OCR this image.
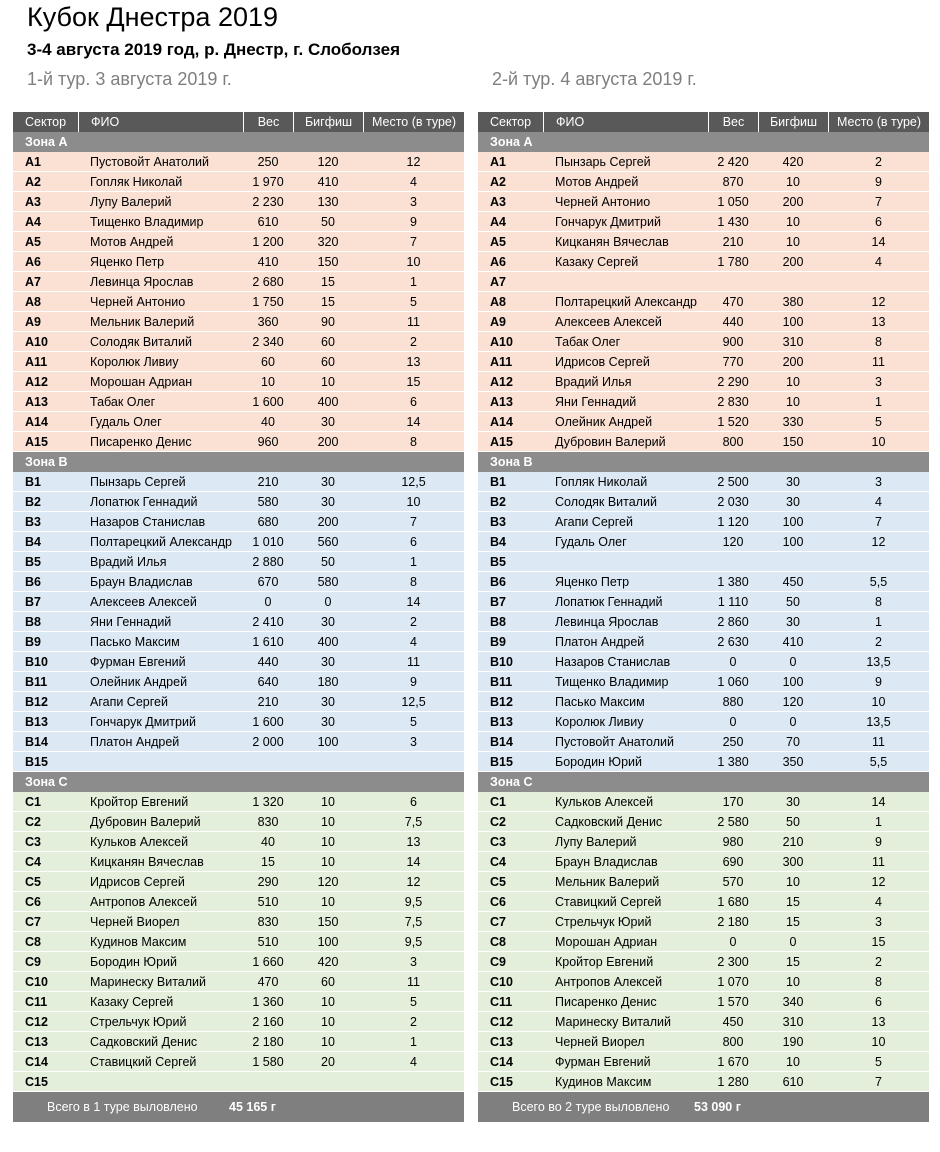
Кубок Днестра 2019
3-4 августа 2019 год, р. Днестр, г. Слоболзея
1-й тур. 3 августа 2019 г.	2-й тур. 4 августа 2019 г.
Сектор	ФИО	Вес	Бигфиш	Место (в туре)
Зона А
A1	Пустовойт Анатолий	250	120	12
A2	Гопляк Николай	1 970	410	4
A3	Лупу Валерий	2 230	130	3
A4	Тищенко Владимир	610	50	9
A5	Мотов Андрей	1 200	320	7
A6	Яценко Петр	410	150	10
A7	Левинца Ярослав	2 680	15	1
A8	Черней Антонио	1 750	15	5
A9	Мельник Валерий	360	90	11
A10	Солодяк Виталий	2 340	60	2
A11	Королюк Ливиу	60	60	13
A12	Морошан Адриан	10	10	15
A13	Табак Олег	1 600	400	6
A14	Гудаль Олег	40	30	14
A15	Писаренко Денис	960	200	8
Зона В
B1	Пынзарь Сергей	210	30	12,5
B2	Лопатюк Геннадий	580	30	10
B3	Назаров Станислав	680	200	7
B4	Полтарецкий Александр	1 010	560	6
B5	Врадий Илья	2 880	50	1
B6	Браун Владислав	670	580	8
B7	Алексеев Алексей	0	0	14
B8	Яни Геннадий	2 410	30	2
B9	Пасько Максим	1 610	400	4
B10	Фурман Евгений	440	30	11
B11	Олейник Андрей	640	180	9
B12	Агапи Сергей	210	30	12,5
B13	Гончарук Дмитрий	1 600	30	5
B14	Платон Андрей	2 000	100	3
B15
Зона С
C1	Кройтор Евгений	1 320	10	6
C2	Дубровин Валерий	830	10	7,5
C3	Кульков Алексей	40	10	13
C4	Кицканян Вячеслав	15	10	14
C5	Идрисов Сергей	290	120	12
C6	Антропов Алексей	510	10	9,5
C7	Черней Виорел	830	150	7,5
C8	Кудинов Максим	510	100	9,5
C9	Бородин Юрий	1 660	420	3
C10	Маринеску Виталий	470	60	11
C11	Казаку Сергей	1 360	10	5
C12	Стрельчук Юрий	2 160	10	2
C13	Садковский Денис	2 180	10	1
C14	Ставицкий Сергей	1 580	20	4
C15
Всего в 1 туре выловлено (гр.):
45 165 г
Сектор	ФИО	Вес	Бигфиш	Место (в туре)
Зона А
A1	Пынзарь Сергей	2 420	420	2
A2	Мотов Андрей	870	10	9
A3	Черней Антонио	1 050	200	7
A4	Гончарук Дмитрий	1 430	10	6
A5	Кицканян Вячеслав	210	10	14
A6	Казаку Сергей	1 780	200	4
A7
A8	Полтарецкий Александр	470	380	12
A9	Алексеев Алексей	440	100	13
A10	Табак Олег	900	310	8
A11	Идрисов Сергей	770	200	11
A12	Врадий Илья	2 290	10	3
A13	Яни Геннадий	2 830	10	1
A14	Олейник Андрей	1 520	330	5
A15	Дубровин Валерий	800	150	10
Зона В
B1	Гопляк Николай	2 500	30	3
B2	Солодяк Виталий	2 030	30	4
B3	Агапи Сергей	1 120	100	7
B4	Гудаль Олег	120	100	12
B5
B6	Яценко Петр	1 380	450	5,5
B7	Лопатюк Геннадий	1 110	50	8
B8	Левинца Ярослав	2 860	30	1
B9	Платон Андрей	2 630	410	2
B10	Назаров Станислав	0	0	13,5
B11	Тищенко Владимир	1 060	100	9
B12	Пасько Максим	880	120	10
B13	Королюк Ливиу	0	0	13,5
B14	Пустовойт Анатолий	250	70	11
B15	Бородин Юрий	1 380	350	5,5
Зона С
C1	Кульков Алексей	170	30	14
C2	Садковский Денис	2 580	50	1
C3	Лупу Валерий	980	210	9
C4	Браун Владислав	690	300	11
C5	Мельник Валерий	570	10	12
C6	Ставицкий Сергей	1 680	15	4
C7	Стрельчук Юрий	2 180	15	3
C8	Морошан Адриан	0	0	15
C9	Кройтор Евгений	2 300	15	2
C10	Антропов Алексей	1 070	10	8
C11	Писаренко Денис	1 570	340	6
C12	Маринеску Виталий	450	310	13
C13	Черней Виорел	800	190	10
C14	Фурман Евгений	1 670	10	5
C15	Кудинов Максим	1 280	610	7
Всего во 2 туре выловлено (гр.):
53 090 г
